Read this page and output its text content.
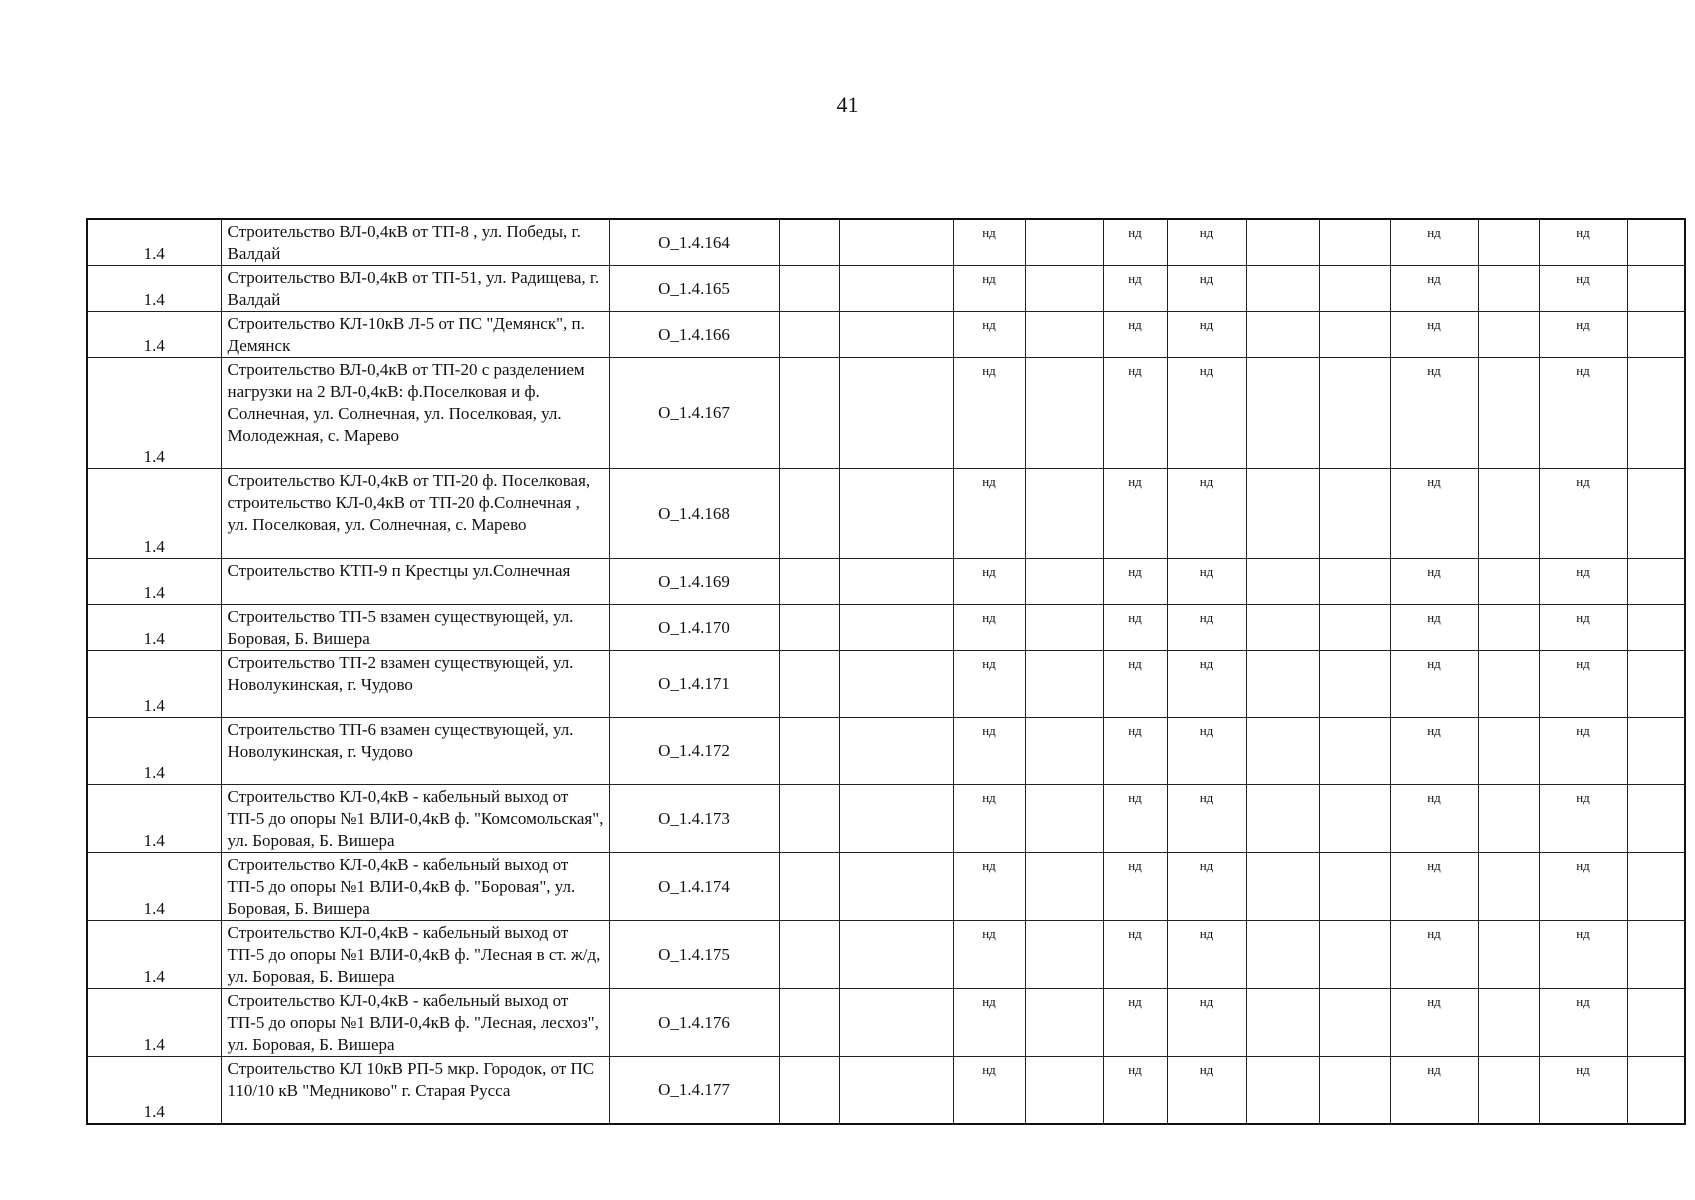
41
1.4	Строительство ВЛ-0,4кВ от ТП-8 , ул. Победы, г. Валдай	О_1.4.164			нд		нд	нд			нд		нд	
1.4	Строительство ВЛ-0,4кВ от ТП-51, ул. Радищева, г. Валдай	О_1.4.165			нд		нд	нд			нд		нд	
1.4	Строительство КЛ-10кВ Л-5 от ПС "Демянск", п. Демянск	О_1.4.166			нд		нд	нд			нд		нд	
1.4	Строительство ВЛ-0,4кВ от ТП-20 с разделением нагрузки на 2 ВЛ-0,4кВ: ф.Поселковая и ф. Солнечная, ул. Солнечная, ул. Поселковая, ул. Молодежная, с. Марево	О_1.4.167			нд		нд	нд			нд		нд	
1.4	Строительство КЛ-0,4кВ от ТП-20 ф. Поселковая, строительство КЛ-0,4кВ от ТП-20 ф.Солнечная , ул. Поселковая, ул. Солнечная, с. Марево	О_1.4.168			нд		нд	нд			нд		нд	
1.4	Строительство КТП-9 п Крестцы ул.Солнечная	О_1.4.169			нд		нд	нд			нд		нд	
1.4	Строительство ТП-5 взамен существующей, ул. Боровая, Б. Вишера	О_1.4.170			нд		нд	нд			нд		нд	
1.4	Строительство ТП-2 взамен существующей, ул. Новолукинская, г. Чудово	О_1.4.171			нд		нд	нд			нд		нд	
1.4	Строительство ТП-6 взамен существующей, ул. Новолукинская, г. Чудово	О_1.4.172			нд		нд	нд			нд		нд	
1.4	Строительство КЛ-0,4кВ - кабельный выход от ТП-5 до опоры №1 ВЛИ-0,4кВ ф. "Комсомольская", ул. Боровая, Б. Вишера	О_1.4.173			нд		нд	нд			нд		нд	
1.4	Строительство КЛ-0,4кВ - кабельный выход от ТП-5 до опоры №1 ВЛИ-0,4кВ ф. "Боровая", ул. Боровая, Б. Вишера	О_1.4.174			нд		нд	нд			нд		нд	
1.4	Строительство КЛ-0,4кВ - кабельный выход от ТП-5 до опоры №1 ВЛИ-0,4кВ ф. "Лесная в ст. ж/д, ул. Боровая, Б. Вишера	О_1.4.175			нд		нд	нд			нд		нд	
1.4	Строительство КЛ-0,4кВ - кабельный выход от ТП-5 до опоры №1 ВЛИ-0,4кВ ф. "Лесная, лесхоз", ул. Боровая, Б. Вишера	О_1.4.176			нд		нд	нд			нд		нд	
1.4	Строительство КЛ 10кВ РП-5 мкр. Городок, от ПС 110/10 кВ "Медниково" г. Старая Русса	О_1.4.177			нд		нд	нд			нд		нд	
